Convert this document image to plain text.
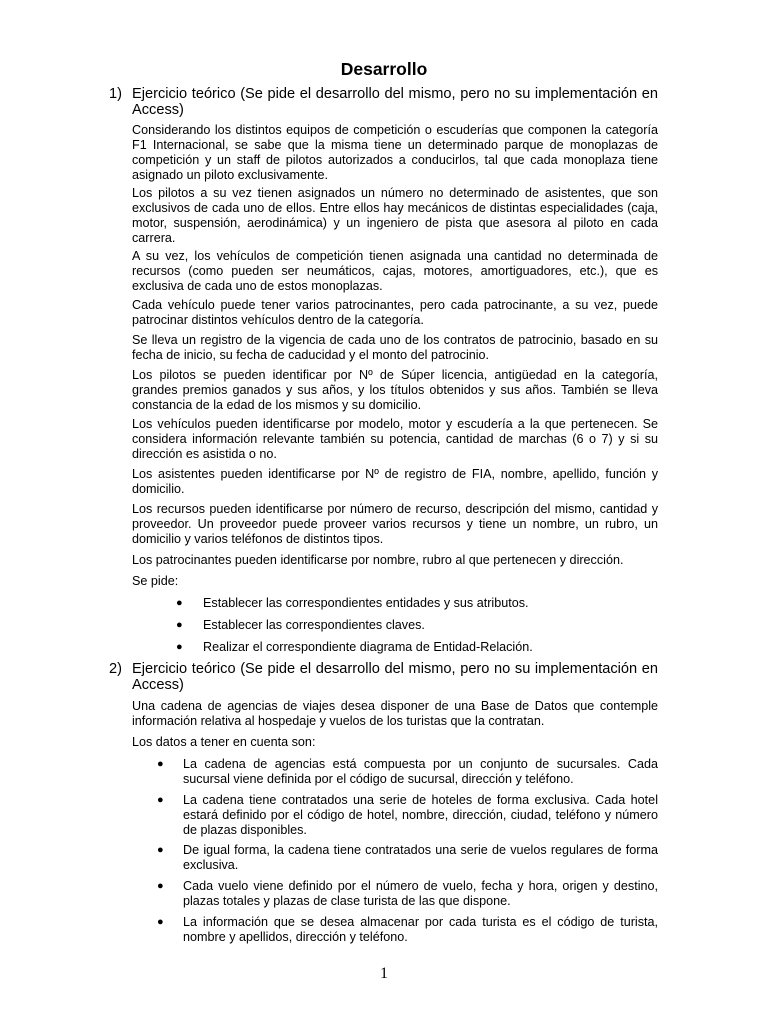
Desarrollo
1) Ejercicio teórico (Se pide el desarrollo del mismo, pero no su implementación en Access)
Considerando los distintos equipos de competición o escuderías que componen la categoría F1 Internacional, se sabe que la misma tiene un determinado parque de monoplazas de competición y un staff de pilotos autorizados a conducirlos, tal que cada monoplaza tiene asignado un piloto exclusivamente.
Los pilotos a su vez tienen asignados un número no determinado de asistentes, que son exclusivos de cada uno de ellos. Entre ellos hay mecánicos de distintas especialidades (caja, motor, suspensión, aerodinámica) y un ingeniero de pista que asesora al piloto en cada carrera.
A su vez, los vehículos de competición tienen asignada una cantidad no determinada de recursos (como pueden ser neumáticos, cajas, motores, amortiguadores, etc.), que es exclusiva de cada uno de estos monoplazas.
Cada vehículo puede tener varios patrocinantes, pero cada patrocinante, a su vez, puede patrocinar distintos vehículos dentro de la categoría.
Se lleva un registro de la vigencia de cada uno de los contratos de patrocinio, basado en su fecha de inicio, su fecha de caducidad y el monto del patrocinio.
Los pilotos se pueden identificar por Nº de Súper licencia, antigüedad en la categoría, grandes premios ganados y sus años, y los títulos obtenidos y sus años. También se lleva constancia de la edad de los mismos y su domicilio.
Los vehículos pueden identificarse por modelo, motor y escudería a la que pertenecen. Se considera información relevante también su potencia, cantidad de marchas (6 o 7) y si su dirección es asistida o no.
Los asistentes pueden identificarse por Nº de registro de FIA, nombre, apellido, función y domicilio.
Los recursos pueden identificarse por número de recurso, descripción del mismo, cantidad y proveedor. Un proveedor puede proveer varios recursos y tiene un nombre, un rubro, un domicilio y varios teléfonos de distintos tipos.
Los patrocinantes pueden identificarse por nombre, rubro al que pertenecen y dirección.
Se pide:
● Establecer las correspondientes entidades y sus atributos.
● Establecer las correspondientes claves.
● Realizar el correspondiente diagrama de Entidad-Relación.
2) Ejercicio teórico (Se pide el desarrollo del mismo, pero no su implementación en Access)
Una cadena de agencias de viajes desea disponer de una Base de Datos que contemple información relativa al hospedaje y vuelos de los turistas que la contratan.
Los datos a tener en cuenta son:
● La cadena de agencias está compuesta por un conjunto de sucursales. Cada sucursal viene definida por el código de sucursal, dirección y teléfono.
● La cadena tiene contratados una serie de hoteles de forma exclusiva. Cada hotel estará definido por el código de hotel, nombre, dirección, ciudad, teléfono y número de plazas disponibles.
● De igual forma, la cadena tiene contratados una serie de vuelos regulares de forma exclusiva.
● Cada vuelo viene definido por el número de vuelo, fecha y hora, origen y destino, plazas totales y plazas de clase turista de las que dispone.
● La información que se desea almacenar por cada turista es el código de turista, nombre y apellidos, dirección y teléfono.
1
